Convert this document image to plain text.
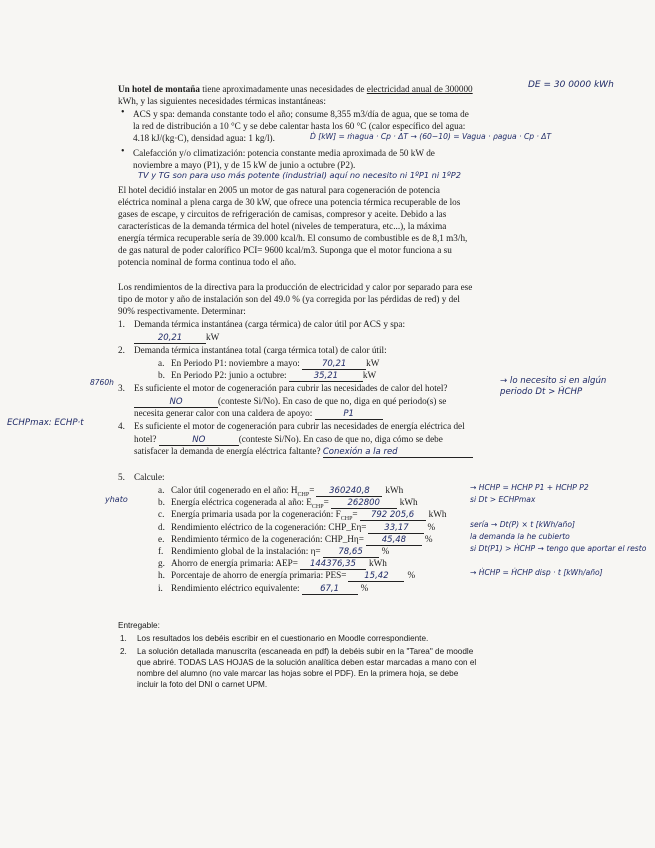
Un hotel de montaña tiene aproximadamente unas necesidades de electricidad anual de 300000	DE = 30 0000 kWh
kWh, y las siguientes necesidades térmicas instantáneas:
• ACS y spa: demanda constante todo el año; consume 8,355 m3/día de agua, que se toma de
la red de distribución a 10 °C y se debe calentar hasta los 60 °C (calor específico del agua:
4.18 kJ/(kg·C), densidad agua: 1 kg/l).	Ḋ [kW] = ṁagua · Cp · ΔT → (60−10) = Vagua · ρagua · Cp · ΔT
• Calefacción y/o climatización: potencia constante media aproximada de 50 kW de
noviembre a mayo (P1), y de 15 kW de junio a octubre (P2).
TV y TG son para uso más potente (industrial) aquí no necesito ni 1ºP1 ni 1ºP2
El hotel decidió instalar en 2005 un motor de gas natural para cogeneración de potencia
eléctrica nominal a plena carga de 30 kW, que ofrece una potencia térmica recuperable de los
gases de escape, y circuitos de refrigeración de camisas, compresor y aceite. Debido a las
características de la demanda térmica del hotel (niveles de temperatura, etc...), la máxima
energía térmica recuperable sería de 39.000 kcal/h. El consumo de combustible es de 8,1 m3/h,
de gas natural de poder calorífico PCI= 9600 kcal/m3. Suponga que el motor funciona a su
potencia nominal de forma continua todo el año.
Los rendimientos de la directiva para la producción de electricidad y calor por separado para ese
tipo de motor y año de instalación son del 49.0 % (ya corregida por las pérdidas de red) y del
90% respectivamente. Determinar:
1. Demanda térmica instantánea (carga térmica) de calor útil por ACS y spa:
20,21	kW
2. Demanda térmica instantánea total (carga térmica total) de calor útil:
a. En Periodo P1: noviembre a mayo:	70,21 kW
b. En Periodo P2: junio a octubre:	35,21	kW
8760h
3. Es suficiente el motor de cogeneración para cubrir las necesidades de calor del hotel?
NO	(conteste Si/No). En caso de que no, diga en qué periodo(s) se
necesita generar calor con una caldera de apoyo:	P1
→ lo necesito si en algún periodo Dt > ḢCHP
ECHPmax: ECHP·t	4. Es suficiente el motor de cogeneración para cubrir las necesidades de energía eléctrica del
hotel?	NO	(conteste Si/No). En caso de que no, diga cómo se debe
satisfacer la demanda de energía eléctrica faltante? Conexión a la red
5. Calcule:
yhato
a. Calor útil cogenerado en el año: $H_{CHP}= 360240,8$ kWh	→ HCHP = HCHP P1 + HCHP P2
b. Energía eléctrica cogenerada al año: $E_{CHP}= 262800$ kWh	si Dt > ECHPmax
c. Energía primaria usada por la cogeneración: $F_{CHP}= 792$ 205,6 kWh
d. Rendimiento eléctrico de la cogeneración: CHP_Eη= 33,17 %	sería → Dt(P) × t [kWh/año]
e. Rendimiento térmico de la cogeneración: CHP_Hη= 45,48 %	la demanda la he cubierto
f. Rendimiento global de la instalación: η= 78,65 %	si Dt(P1) > ḢCHP → tengo que aportar el resto
g. Ahorro de energía primaria: AEP= 144376,35 kWh
h. Porcentaje de ahorro de energía primaria: PES= 15,42 %	→ ḢCHP = ḢCHP disp · t [kWh/año]
i. Rendimiento eléctrico equivalente: 67,1 %
Entregable:
1. Los resultados los debéis escribir en el cuestionario en Moodle correspondiente.
2. La solución detallada manuscrita (escaneada en pdf) la debéis subir en la "Tarea" de moodle
que abriré. TODAS LAS HOJAS de la solución analítica deben estar marcadas a mano con el
nombre del alumno (no vale marcar las hojas sobre el PDF). En la primera hoja, se debe
incluir la foto del DNI o carnet UPM.
